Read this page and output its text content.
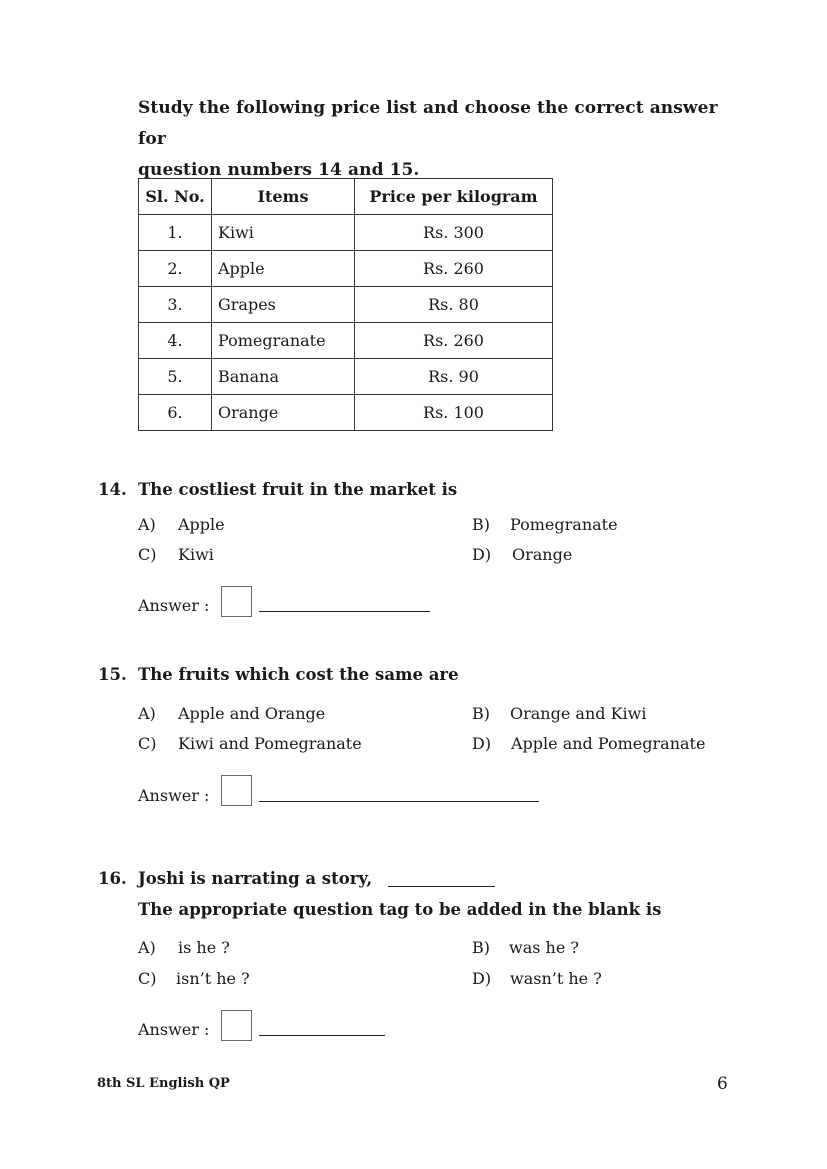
Study the following price list and choose the correct answer for
question numbers 14 and 15.
Sl. No.	Items	Price per kilogram
1.	Kiwi	Rs. 300
2.	Apple	Rs. 260
3.	Grapes	Rs. 80
4.	Pomegranate	Rs. 260
5.	Banana	Rs. 90
6.	Orange	Rs. 100
14. The costliest fruit in the market is
A) Apple	B) Pomegranate
C) Kiwi	D) Orange
Answer :
15. The fruits which cost the same are
A) Apple and Orange	B) Orange and Kiwi
C) Kiwi and Pomegranate	D) Apple and Pomegranate
Answer :
16. Joshi is narrating a story,
The appropriate question tag to be added in the blank is
A) is he ?	B) was he ?
C) isn’t he ?	D) wasn’t he ?
Answer :
8th SL English QP	6
